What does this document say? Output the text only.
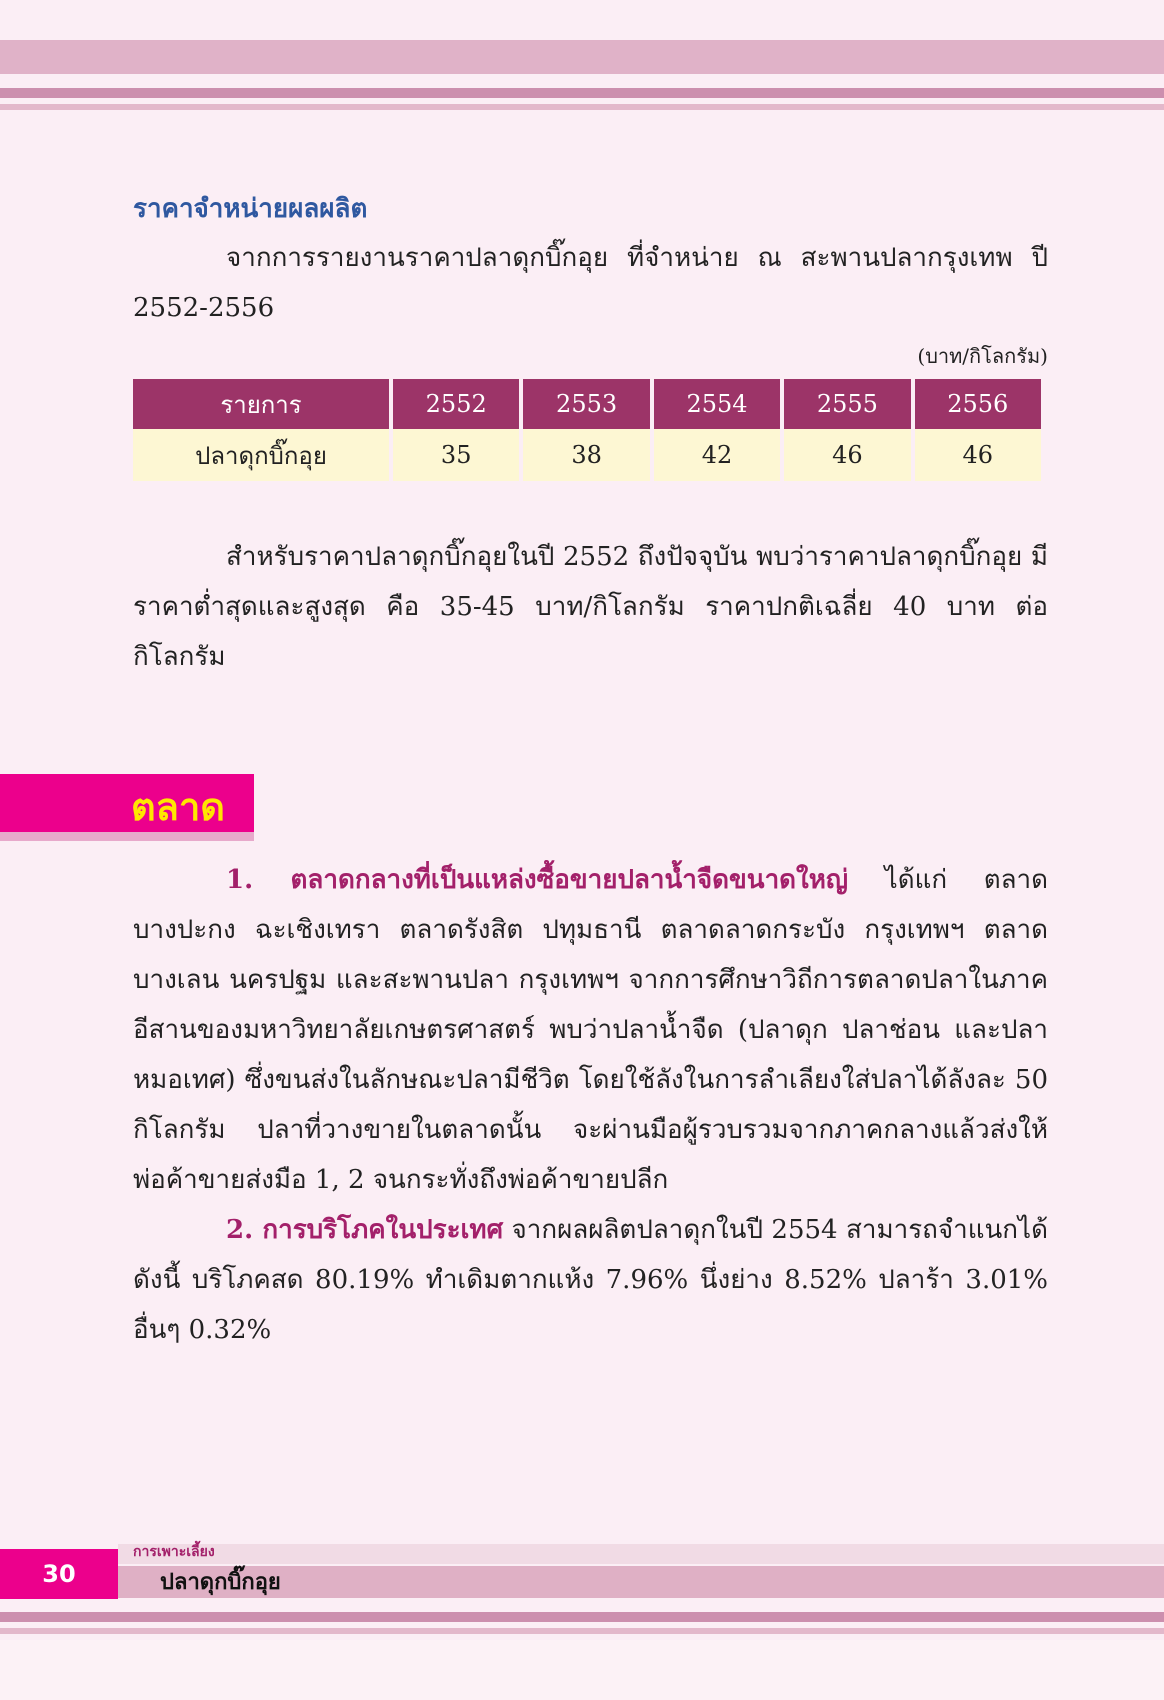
ราคาจำหน่ายผลผลิต
จากการรายงานราคาปลาดุกบิ๊กอุย ที่จำหน่าย ณ สะพานปลากรุงเทพ ปี 2552-2556
(บาท/กิโลกรัม)
รายการ	2552	2553	2554	2555	2556
ปลาดุกบิ๊กอุย	35	38	42	46	46
สำหรับราคาปลาดุกบิ๊กอุยในปี 2552 ถึงปัจจุบัน พบว่าราคาปลาดุกบิ๊กอุย มีราคาต่ำสุดและสูงสุด คือ 35-45 บาท/กิโลกรัม ราคาปกติเฉลี่ย 40 บาท ต่อกิโลกรัม
ตลาด
1. ตลาดกลางที่เป็นแหล่งซื้อขายปลาน้ำจืดขนาดใหญ่ ได้แก่ ตลาดบางปะกง ฉะเชิงเทรา ตลาดรังสิต ปทุมธานี ตลาดลาดกระบัง กรุงเทพฯ ตลาดบางเลน นครปฐม และสะพานปลา กรุงเทพฯ จากการศึกษาวิถีการตลาดปลาในภาคอีสานของมหาวิทยาลัยเกษตรศาสตร์ พบว่าปลาน้ำจืด (ปลาดุก ปลาช่อน และปลาหมอเทศ) ซึ่งขนส่งในลักษณะปลามีชีวิต โดยใช้ลังในการลำเลียงใส่ปลาได้ลังละ 50 กิโลกรัม ปลาที่วางขายในตลาดนั้น จะผ่านมือผู้รวบรวมจากภาคกลางแล้วส่งให้พ่อค้าขายส่งมือ 1, 2 จนกระทั่งถึงพ่อค้าขายปลีก
2. การบริโภคในประเทศ จากผลผลิตปลาดุกในปี 2554 สามารถจำแนกได้ดังนี้ บริโภคสด 80.19% ทำเดิมตากแห้ง 7.96% นึ่งย่าง 8.52% ปลาร้า 3.01% อื่นๆ 0.32%
30
การเพาะเลี้ยง
ปลาดุกบิ๊กอุย
